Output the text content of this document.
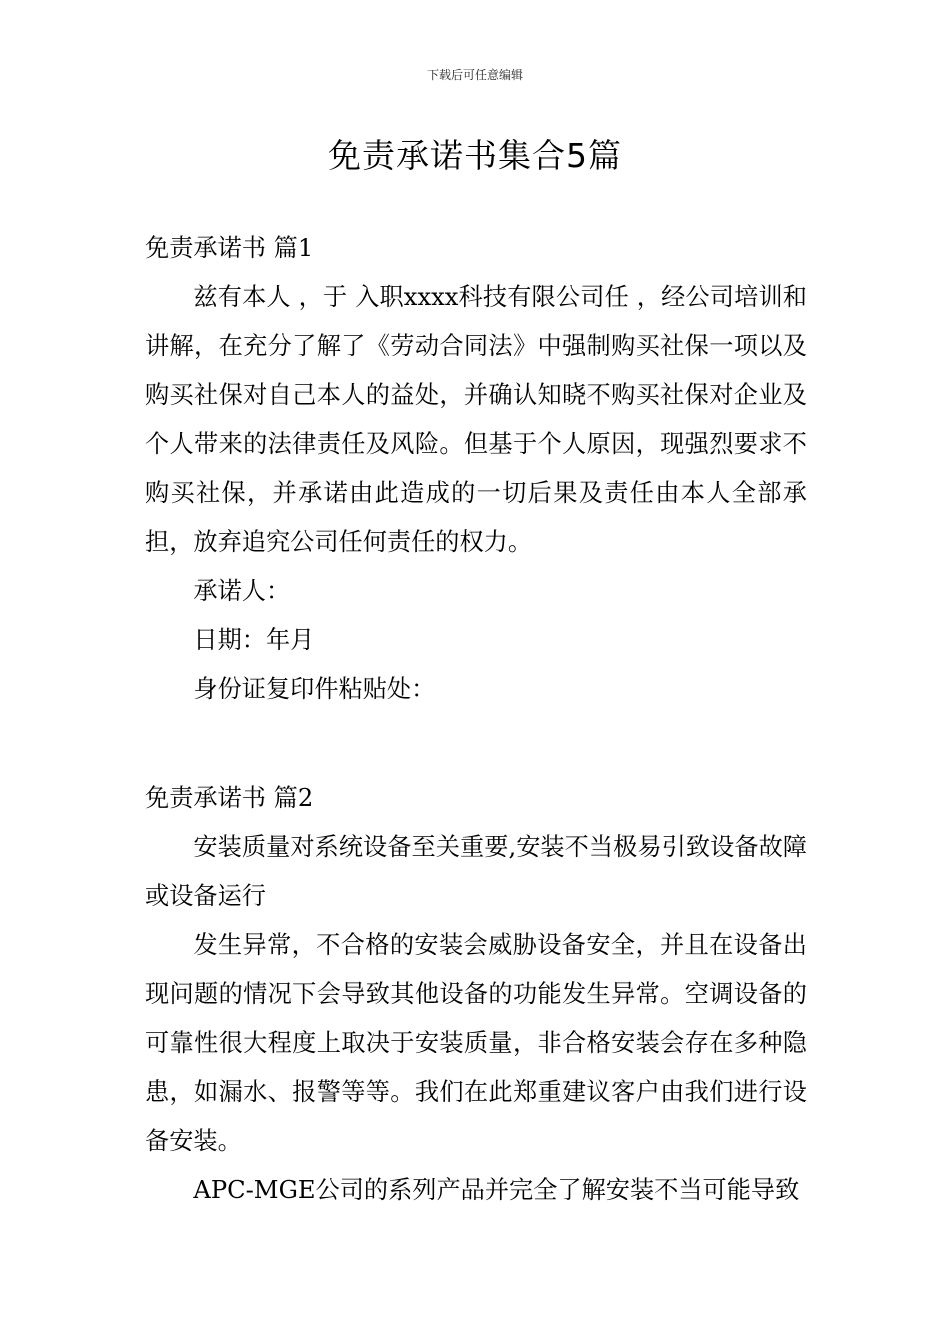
下载后可任意编辑
免责承诺书集合5篇

免责承诺书 篇1

兹有本人 ，于 入职xxxx科技有限公司任 ，经公司培训和讲解，在充分了解了《劳动合同法》中强制购买社保一项以及购买社保对自己本人的益处，并确认知晓不购买社保对企业及个人带来的法律责任及风险。但基于个人原因，现强烈要求不购买社保，并承诺由此造成的一切后果及责任由本人全部承担，放弃追究公司任何责任的权力。

承诺人：

日期：年月

身份证复印件粘贴处：

免责承诺书 篇2

安装质量对系统设备至关重要,安装不当极易引致设备故障或设备运行

发生异常，不合格的安装会威胁设备安全，并且在设备出现问题的情况下会导致其他设备的功能发生异常。空调设备的可靠性很大程度上取决于安装质量，非合格安装会存在多种隐患，如漏水、报警等等。我们在此郑重建议客户由我们进行设备安装。

APC-MGE公司的系列产品并完全了解安装不当可能导致
